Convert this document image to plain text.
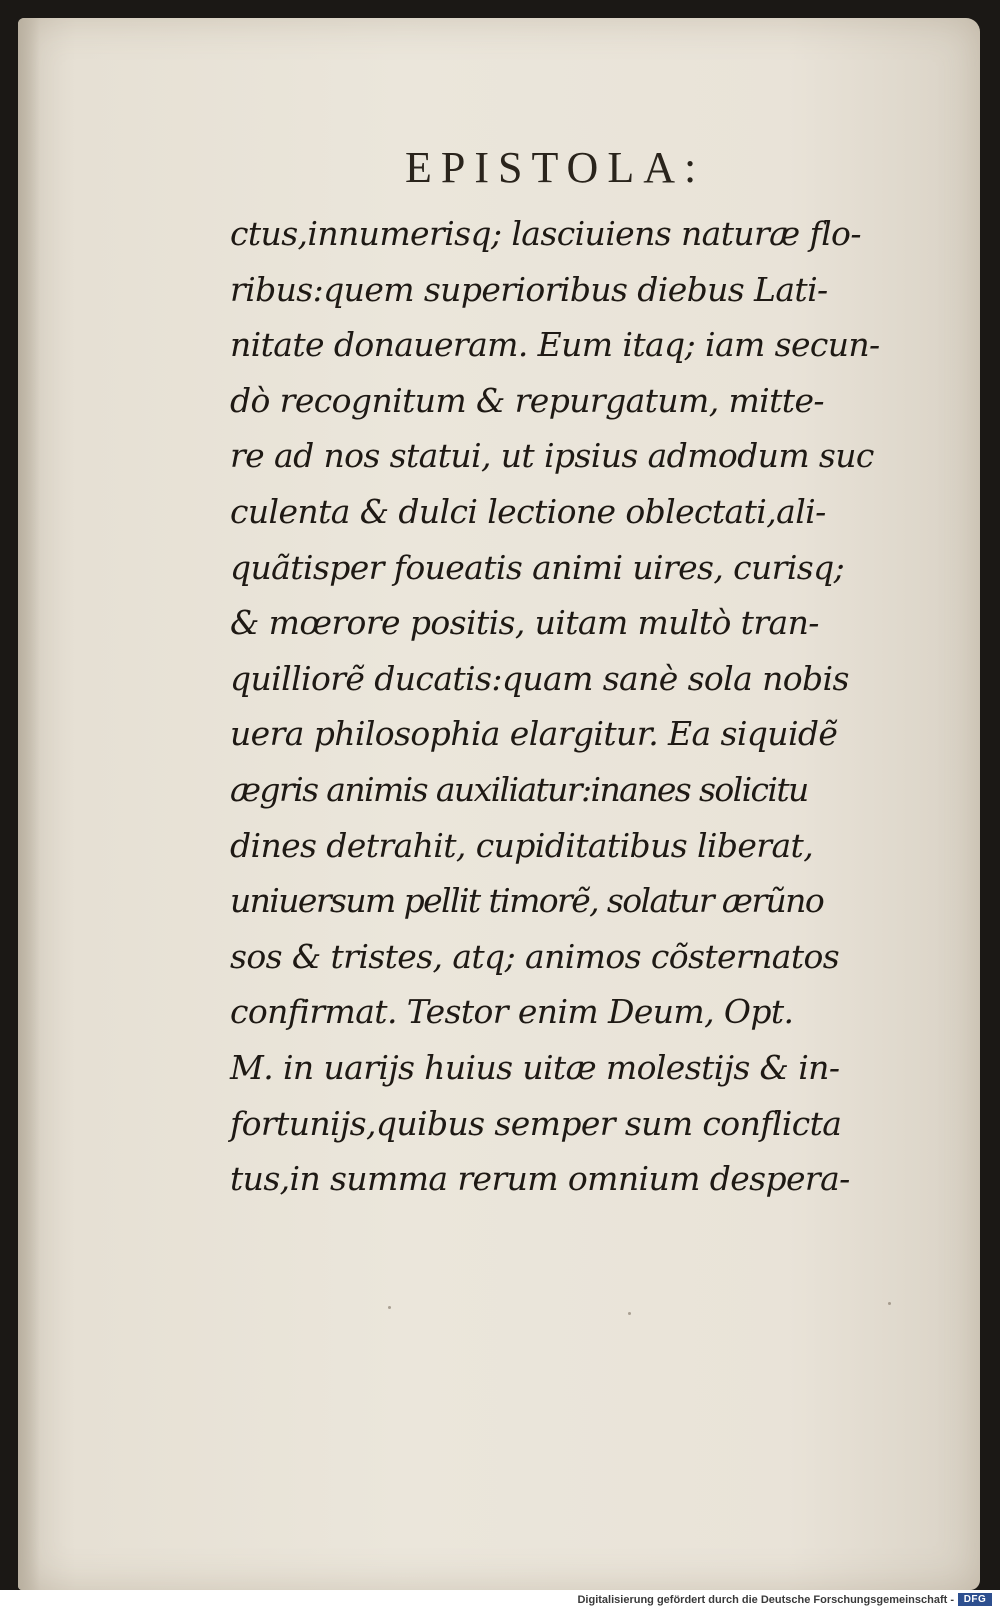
EPISTOLA:
ctus,innumerisq; lasciuiens naturæ flo-
ribus:quem superioribus diebus Lati-
nitate donaueram. Eum itaq; iam secun-
dò recognitum & repurgatum, mitte-
re ad nos statui, ut ipsius admodum suc
culenta & dulci lectione oblectati,ali-
quãtisper foueatis animi uires, curisq;
& mœrore positis, uitam multò tran-
quilliorẽ ducatis:quam sanè sola nobis
uera philosophia elargitur. Ea siquidẽ
ægris animis auxiliatur:inanes solicitu
dines detrahit, cupiditatibus liberat,
uniuersum pellit timorẽ, solatur ærũno
sos & tristes, atq; animos cõsternatos
confirmat. Testor enim Deum, Opt.
M. in uarijs huius uitæ molestijs & in-
fortunijs,quibus semper sum conflicta
tus,in summa rerum omnium despera-
Digitalisierung gefördert durch die Deutsche Forschungsgemeinschaft - DFG
